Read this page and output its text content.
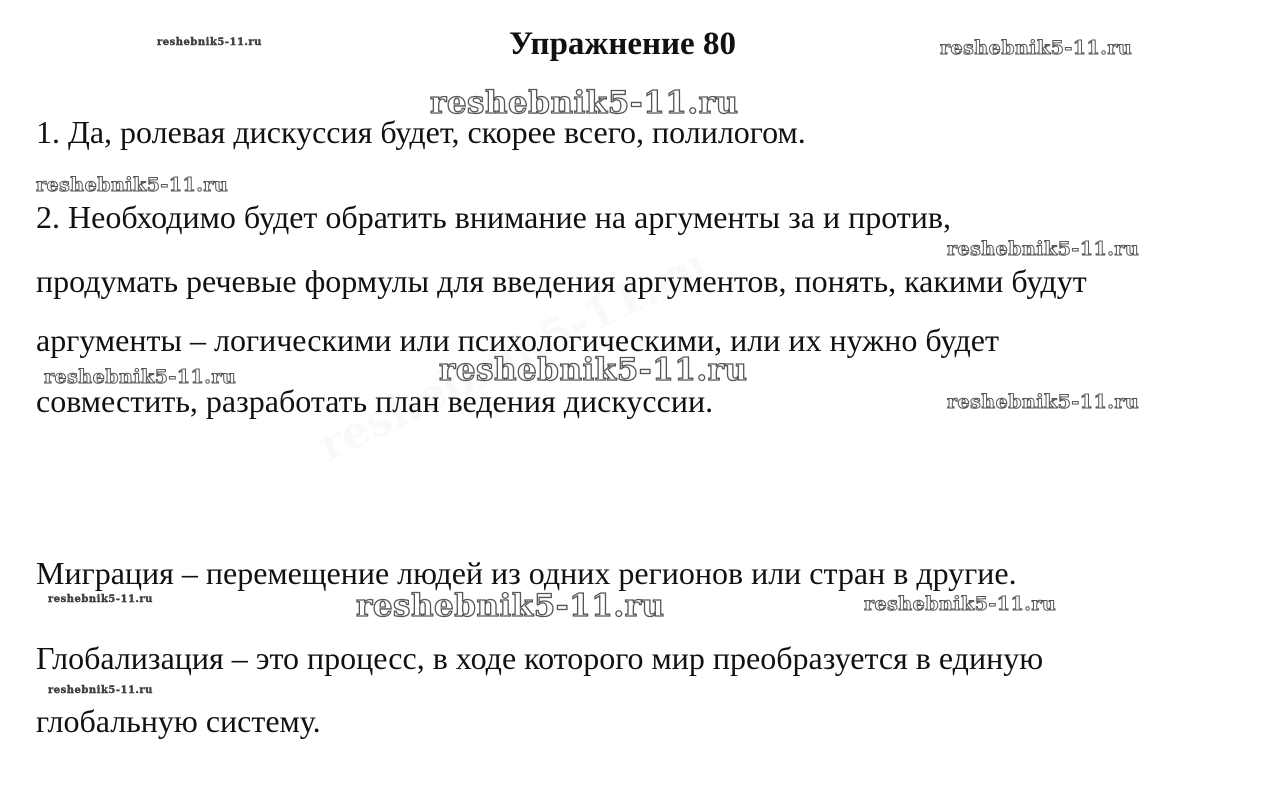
Упражнение 80
1. Да, ролевая дискуссия будет, скорее всего, полилогом.
2. Необходимо будет обратить внимание на аргументы за и против,
продумать речевые формулы для введения аргументов, понять, какими будут
аргументы – логическими или психологическими, или их нужно будет
совместить, разработать план ведения дискуссии.
Миграция – перемещение людей из одних регионов или стран в другие.
Глобализация – это процесс, в ходе которого мир преобразуется в единую
глобальную систему.
reshebnik5-11.ru	reshebnik5-11.ru
reshebnik5-11.ru
reshebnik5-11.ru
reshebnik5-11.ru
reshebnik5-11.ru	reshebnik5-11.ru
reshebnik5-11.ru
reshebnik5-11.ru	reshebnik5-11.ru	reshebnik5-11.ru
reshebnik5-11.ru
